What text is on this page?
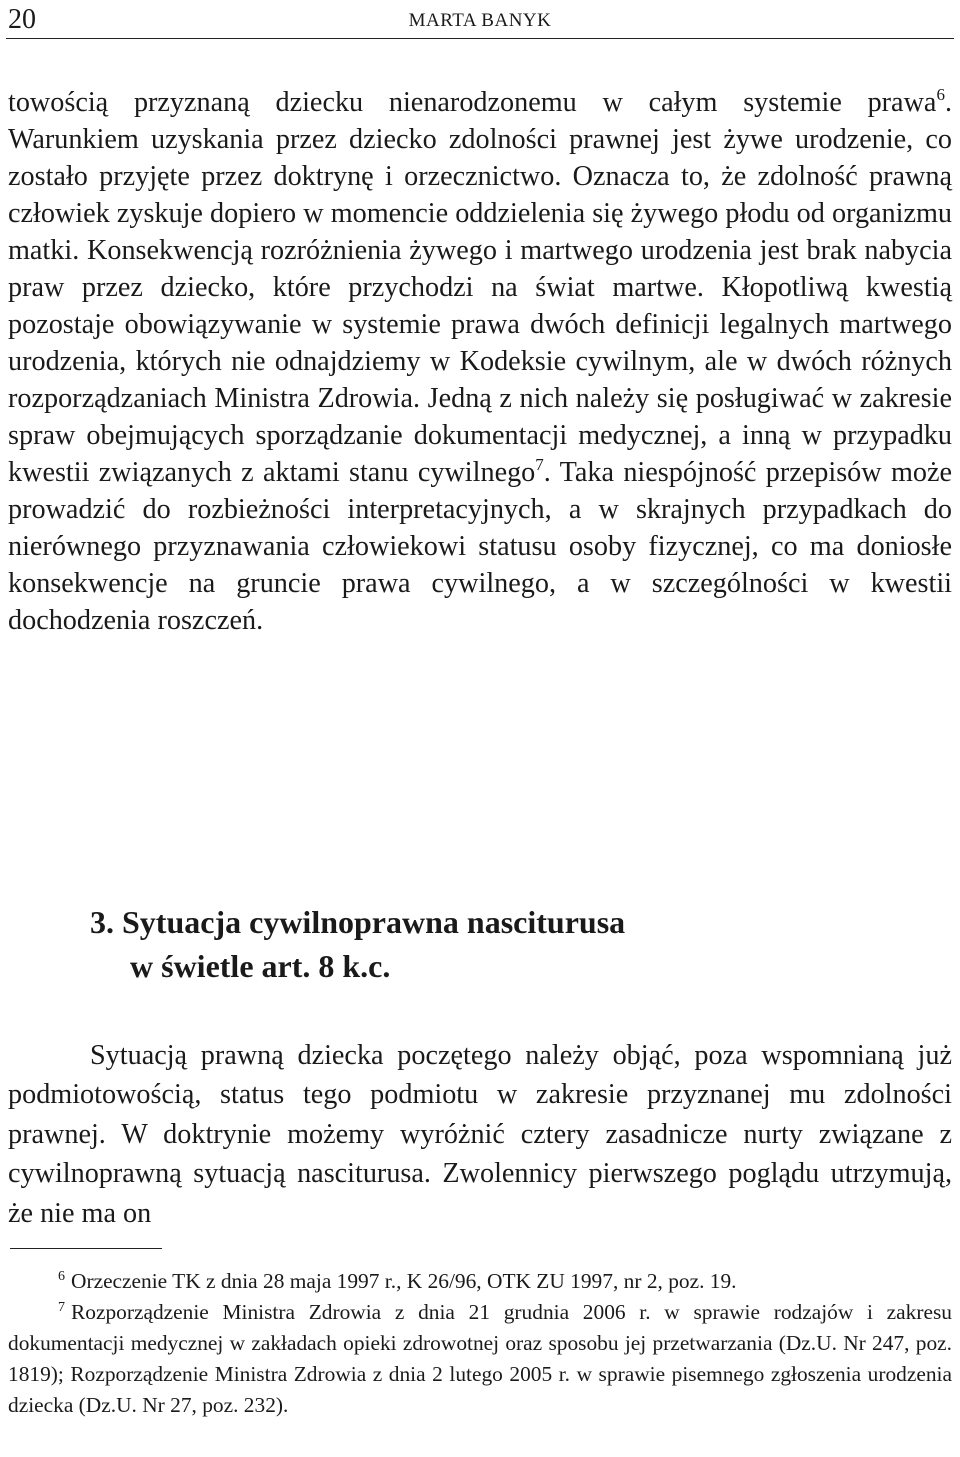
20	MARTA BANYK

towością przyznaną dziecku nienarodzonemu w całym systemie prawa$^6$. Warunkiem uzyskania przez dziecko zdolności prawnej jest żywe urodzenie, co zostało przyjęte przez doktrynę i orzecznictwo. Oznacza to, że zdolność prawną człowiek zyskuje dopiero w momencie oddzielenia się żywego płodu od organizmu matki. Konsekwencją rozróżnienia żywego i martwego urodzenia jest brak nabycia praw przez dziecko, które przychodzi na świat martwe. Kłopotliwą kwestią pozostaje obowiązywanie w systemie prawa dwóch definicji legalnych martwego urodzenia, których nie odnajdziemy w Kodeksie cywilnym, ale w dwóch różnych rozporządzaniach Ministra Zdrowia. Jedną z nich należy się posługiwać w zakresie spraw obejmujących sporządzanie dokumentacji medycznej, a inną w przypadku kwestii związanych z aktami stanu cywilnego$^7$. Taka niespójność przepisów może prowadzić do rozbieżności interpretacyjnych, a w skrajnych przypadkach do nierównego przyznawania człowiekowi statusu osoby fizycznej, co ma doniosłe konsekwencje na gruncie prawa cywilnego, a w szczególności w kwestii dochodzenia roszczeń.

3. Sytuacja cywilnoprawna nasciturusa
w świetle art. 8 k.c.

Sytuacją prawną dziecka poczętego należy objąć, poza wspomnianą już podmiotowością, status tego podmiotu w zakresie przyznanej mu zdolności prawnej. W doktrynie możemy wyróżnić cztery zasadnicze nurty związane z cywilnoprawną sytuacją nasciturusa. Zwolennicy pierwszego poglądu utrzymują, że nie ma on

$^6$ Orzeczenie TK z dnia 28 maja 1997 r., K 26/96, OTK ZU 1997, nr 2, poz. 19.

$^7$ Rozporządzenie Ministra Zdrowia z dnia 21 grudnia 2006 r. w sprawie rodzajów i zakresu dokumentacji medycznej w zakładach opieki zdrowotnej oraz sposobu jej przetwarzania (Dz.U. Nr 247, poz. 1819); Rozporządzenie Ministra Zdrowia z dnia 2 lutego 2005 r. w sprawie pisemnego zgłoszenia urodzenia dziecka (Dz.U. Nr 27, poz. 232).
